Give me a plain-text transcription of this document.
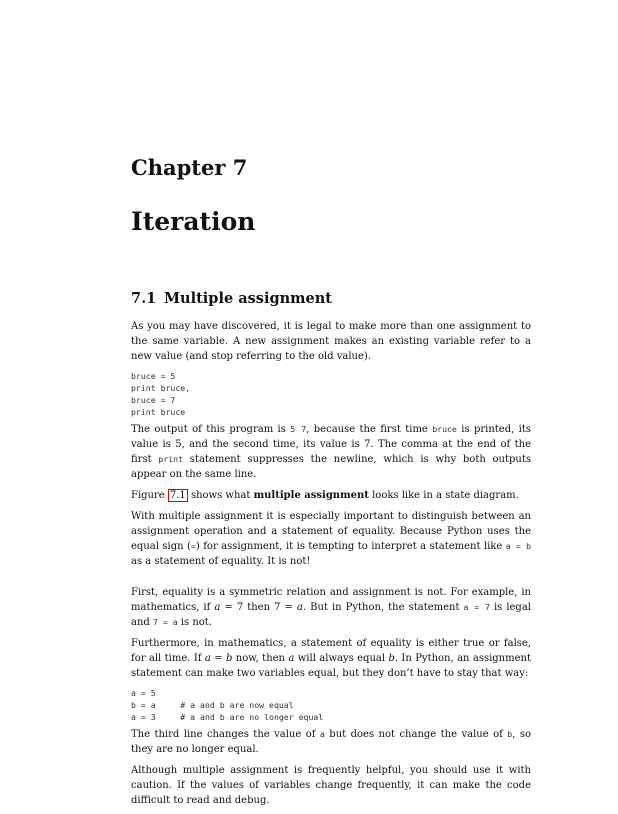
Chapter 7
Iteration
7.1 Multiple assignment

As you may have discovered, it is legal to make more than one assignment to the same variable. A new assignment makes an existing variable refer to a new value (and stop referring to the old value).

bruce = 5
print bruce,
bruce = 7
print bruce

The output of this program is 5 7, because the first time bruce is printed, its value is 5, and the second time, its value is 7. The comma at the end of the first print statement suppresses the newline, which is why both outputs appear on the same line.

Figure 7.1 shows what multiple assignment looks like in a state diagram.

With multiple assignment it is especially important to distinguish between an assignment operation and a statement of equality. Because Python uses the equal sign (=) for assignment, it is tempting to interpret a statement like a = b as a statement of equality. It is not!

First, equality is a symmetric relation and assignment is not. For example, in mathematics, if a = 7 then 7 = a. But in Python, the statement a = 7 is legal and 7 = a is not.

Furthermore, in mathematics, a statement of equality is either true or false, for all time. If a = b now, then a will always equal b. In Python, an assignment statement can make two variables equal, but they don’t have to stay that way:

a = 5
b = a     # a and b are now equal
a = 3     # a and b are no longer equal

The third line changes the value of a but does not change the value of b, so they are no longer equal.

Although multiple assignment is frequently helpful, you should use it with caution. If the values of variables change frequently, it can make the code difficult to read and debug.
